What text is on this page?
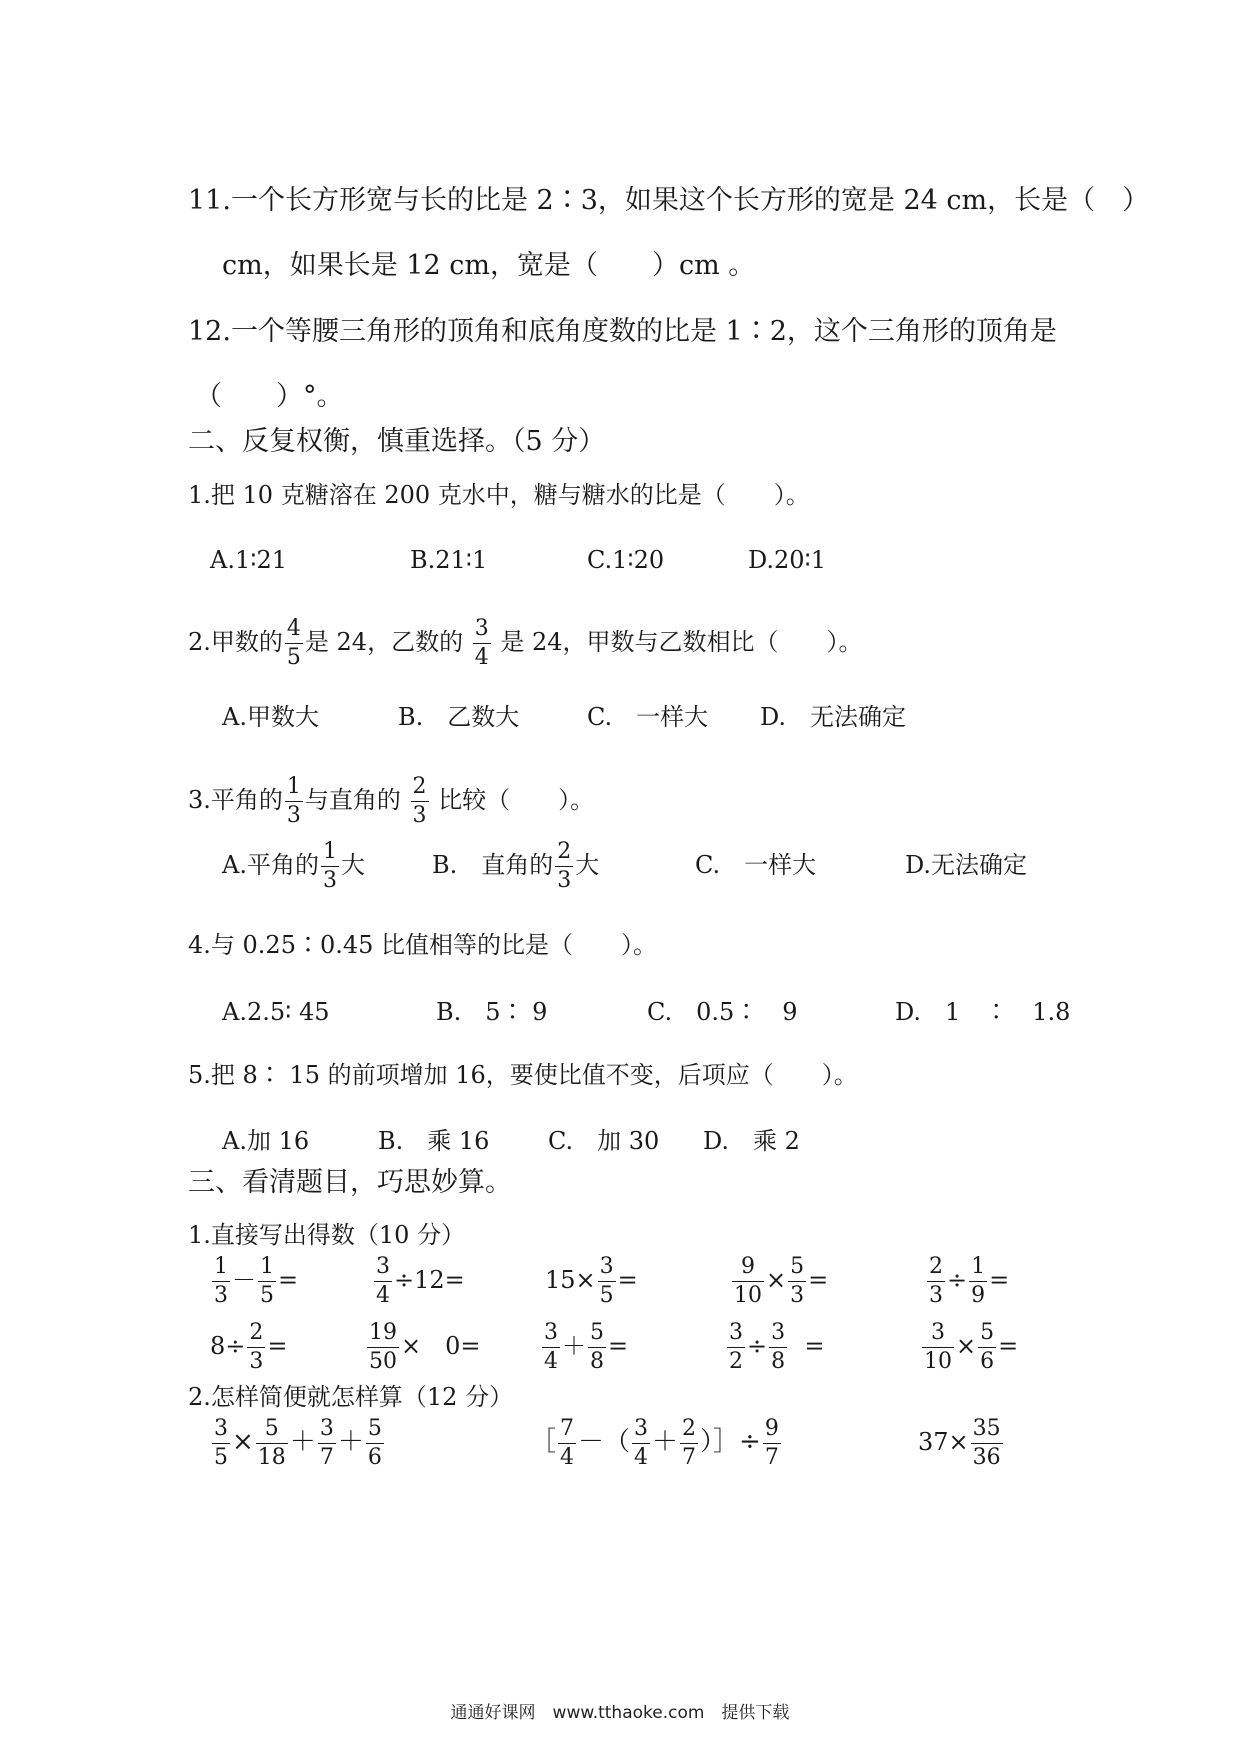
11.一个长方形宽与长的比是 2∶3，如果这个长方形的宽是 24 cm，长是（　）
cm，如果长是 12 cm，宽是（　　）cm 。
12.一个等腰三角形的顶角和底角度数的比是 1∶2，这个三角形的顶角是
（　　）°。
二、反复权衡，慎重选择。（5 分）
1.把 10 克糖溶在 200 克水中，糖与糖水的比是（　　）。
A.1∶21	B.21∶1	C.1∶20	D.20∶1
2.甲数的 $\frac{4}{5}$ 是 24，乙数的 $\frac{3}{4}$ 是 24，甲数与乙数相比（　　）。
A.甲数大	B.　乙数大	C.　一样大 D.　无法确定
3.平角的 $\frac{1}{3}$ 与直角的 $\frac{2}{3}$ 比较（　　）。
A.平角的 $\frac{1}{3}$ 大	B.　直角的 $\frac{2}{3}$ 大	C.　一样大	D.无法确定
4.与 0.25∶0.45 比值相等的比是（　　）。
A.2.5∶ 45	B.　5∶ 9	C.　0.5∶　9	D.　1　∶　1.8
5.把 8∶ 15 的前项增加 16，要使比值不变，后项应（　　）。
A.加 16	B.　乘 16 C.　加 30 D.　乘 2
三、看清题目，巧思妙算。
1.直接写出得数（10 分）
$\frac{1}{3} - \frac{1}{5}$ =	$\frac{3}{4} \div 12=$	$15\times \frac{3}{5}$ =	$\frac{9}{10} \times \frac{5}{3}$ =	$\frac{2}{3} \div \frac{1}{9}$ =
$8\div \frac{2}{3}$ =	$\frac{19}{50}$ ×　0=	$\frac{3}{4} + \frac{5}{8}$ =	$\frac{3}{2} \div \frac{3}{8}$ =	$\frac{3}{10} \times \frac{5}{6}$ =
2.怎样简便就怎样算（12 分）
$\frac{3}{5} \times \frac{5}{18} + \frac{3}{7} + \frac{5}{6}$	［ $\frac{7}{4}$ －（ $\frac{3}{4} + \frac{2}{7}$ ）］÷ $\frac{9}{7}$	$37\times \frac{35}{36}$
通通好课网　www.tthaoke.com　提供下载
